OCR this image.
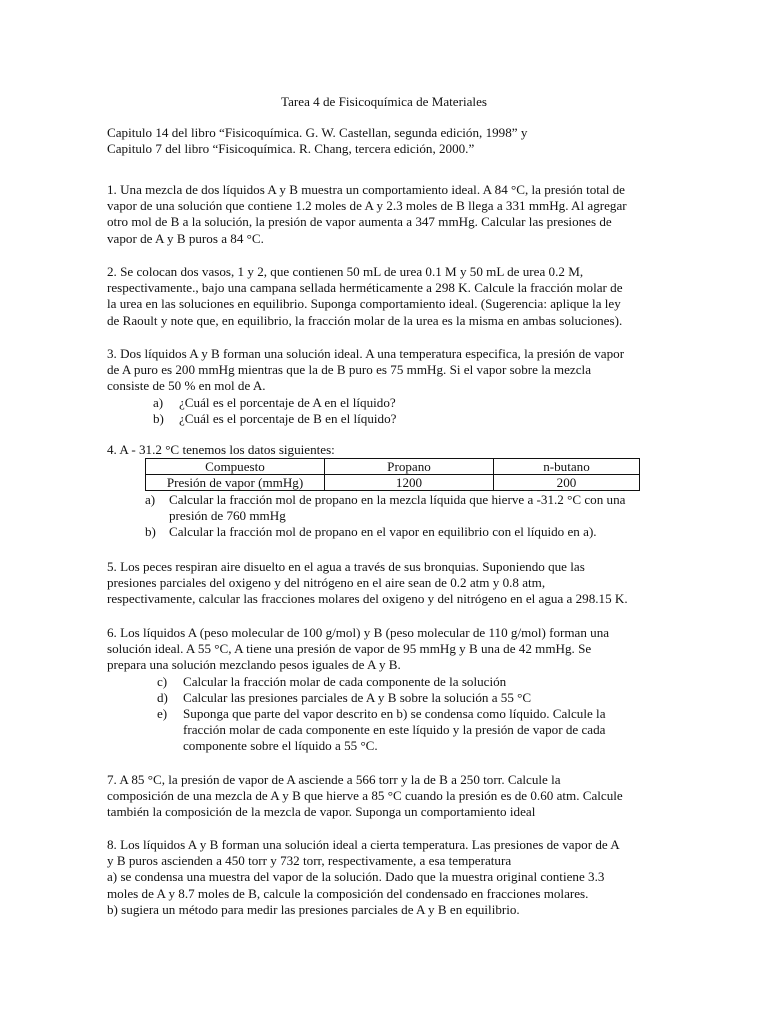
Tarea 4 de Fisicoquímica de Materiales
Capitulo 14 del libro “Fisicoquímica. G. W. Castellan, segunda edición, 1998” y
Capitulo 7 del libro “Fisicoquímica. R. Chang, tercera edición, 2000.”
1. Una mezcla de dos líquidos A y B muestra un comportamiento ideal. A 84 °C, la presión total de
vapor de una solución que contiene 1.2 moles de A y 2.3 moles de B llega a 331 mmHg. Al agregar
otro mol de B a la solución, la presión de vapor aumenta a 347 mmHg. Calcular las presiones de
vapor de A y B puros a 84 °C.
2. Se colocan dos vasos, 1 y 2, que contienen 50 mL de urea 0.1 M y 50 mL de urea 0.2 M,
respectivamente., bajo una campana sellada herméticamente a 298 K. Calcule la fracción molar de
la urea en las soluciones en equilibrio. Suponga comportamiento ideal. (Sugerencia: aplique la ley
de Raoult y note que, en equilibrio, la fracción molar de la urea es la misma en ambas soluciones).
3. Dos líquidos A y B forman una solución ideal. A una temperatura especifica, la presión de vapor
de A puro es 200 mmHg mientras que la de B puro es 75 mmHg. Si el vapor sobre la mezcla
consiste de 50 % en mol de A.
a) ¿Cuál es el porcentaje de A en el líquido?
b) ¿Cuál es el porcentaje de B en el líquido?
4. A - 31.2 °C tenemos los datos siguientes:
Compuesto	Propano	n-butano
Presión de vapor (mmHg)	1200	200
a) Calcular la fracción mol de propano en la mezcla líquida que hierve a -31.2 °C con una presión de 760 mmHg
b) Calcular la fracción mol de propano en el vapor en equilibrio con el líquido en a).
5. Los peces respiran aire disuelto en el agua a través de sus bronquias. Suponiendo que las
presiones parciales del oxigeno y del nitrógeno en el aire sean de 0.2 atm y 0.8 atm,
respectivamente, calcular las fracciones molares del oxigeno y del nitrógeno en el agua a 298.15 K.
6. Los líquidos A (peso molecular de 100 g/mol) y B (peso molecular de 110 g/mol) forman una
solución ideal. A 55 °C, A tiene una presión de vapor de 95 mmHg y B una de 42 mmHg. Se
prepara una solución mezclando pesos iguales de A y B.
c) Calcular la fracción molar de cada componente de la solución
d) Calcular las presiones parciales de A y B sobre la solución a 55 °C
e) Suponga que parte del vapor descrito en b) se condensa como líquido. Calcule la fracción molar de cada componente en este líquido y la presión de vapor de cada componente sobre el líquido a 55 °C.
7. A 85 °C, la presión de vapor de A asciende a 566 torr y la de B a 250 torr. Calcule la
composición de una mezcla de A y B que hierve a 85 °C cuando la presión es de 0.60 atm. Calcule
también la composición de la mezcla de vapor. Suponga un comportamiento ideal
8. Los líquidos A y B forman una solución ideal a cierta temperatura. Las presiones de vapor de A
y B puros ascienden a 450 torr y 732 torr, respectivamente, a esa temperatura
a) se condensa una muestra del vapor de la solución. Dado que la muestra original contiene 3.3
moles de A y 8.7 moles de B, calcule la composición del condensado en fracciones molares.
b) sugiera un método para medir las presiones parciales de A y B en equilibrio.
